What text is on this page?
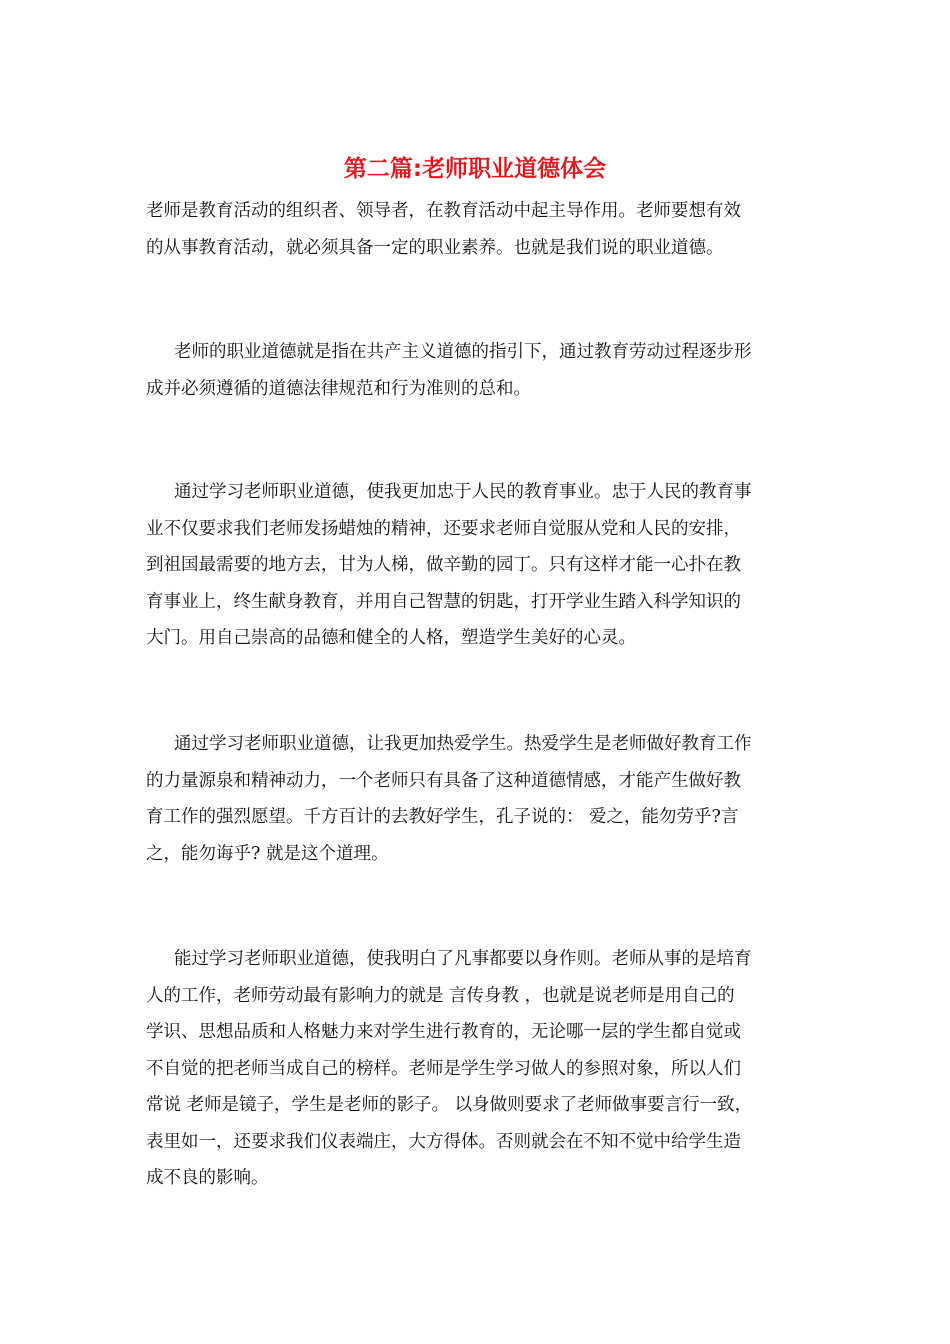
第二篇:老师职业道德体会

老师是教育活动的组织者、领导者，在教育活动中起主导作用。老师要想有效
的从事教育活动，就必须具备一定的职业素养。也就是我们说的职业道德。

老师的职业道德就是指在共产主义道德的指引下，通过教育劳动过程逐步形
成并必须遵循的道德法律规范和行为准则的总和。

通过学习老师职业道德，使我更加忠于人民的教育事业。忠于人民的教育事
业不仅要求我们老师发扬蜡烛的精神，还要求老师自觉服从党和人民的安排，
到祖国最需要的地方去，甘为人梯，做辛勤的园丁。只有这样才能一心扑在教
育事业上，终生献身教育，并用自己智慧的钥匙，打开学业生踏入科学知识的
大门。用自己崇高的品德和健全的人格，塑造学生美好的心灵。

通过学习老师职业道德，让我更加热爱学生。热爱学生是老师做好教育工作
的力量源泉和精神动力，一个老师只有具备了这种道德情感，才能产生做好教
育工作的强烈愿望。千方百计的去教好学生，孔子说的： 爱之，能勿劳乎?言
之，能勿诲乎? 就是这个道理。

能过学习老师职业道德，使我明白了凡事都要以身作则。老师从事的是培育
人的工作，老师劳动最有影响力的就是 言传身教 ，也就是说老师是用自己的
学识、思想品质和人格魅力来对学生进行教育的，无论哪一层的学生都自觉或
不自觉的把老师当成自己的榜样。老师是学生学习做人的参照对象，所以人们
常说 老师是镜子，学生是老师的影子。 以身做则要求了老师做事要言行一致，
表里如一，还要求我们仪表端庄，大方得体。否则就会在不知不觉中给学生造
成不良的影响。
